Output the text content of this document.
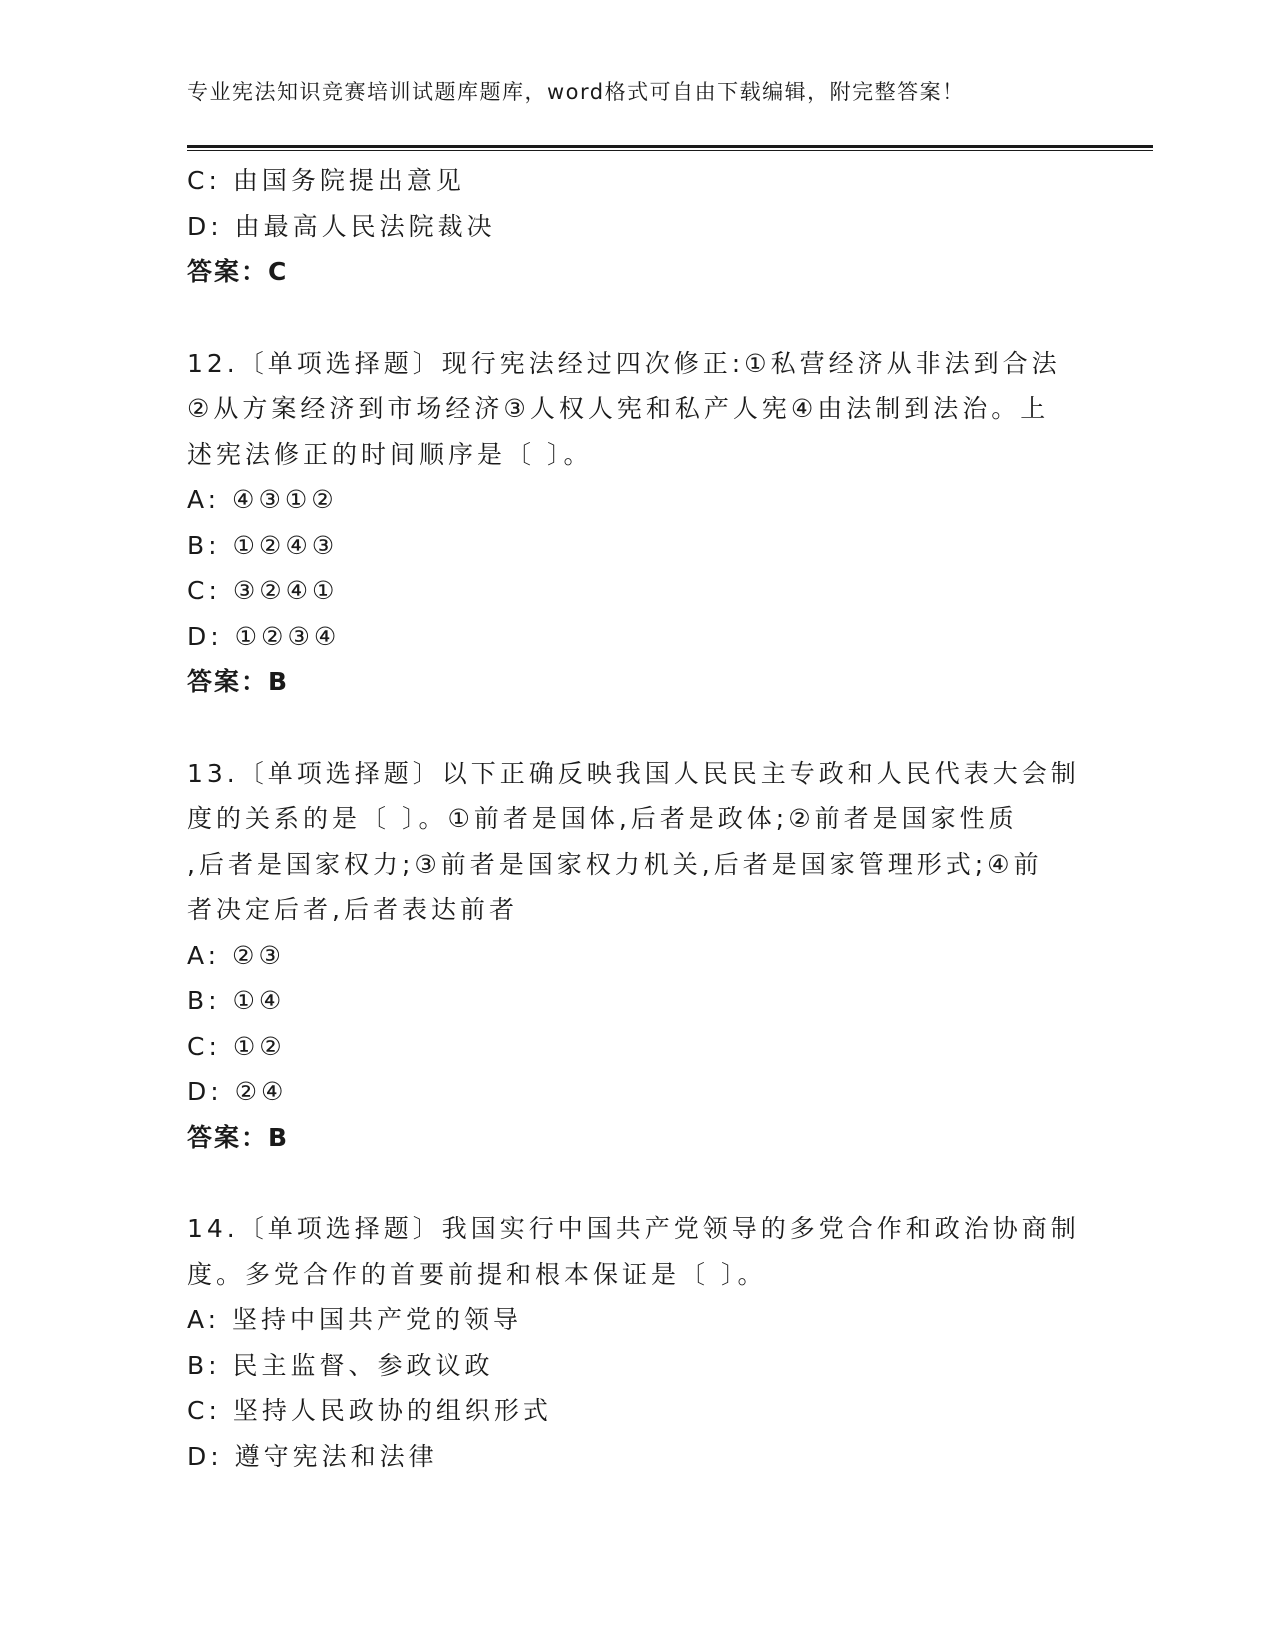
专业宪法知识竞赛培训试题库题库，word格式可自由下载编辑，附完整答案！
C: 由国务院提出意见
D: 由最高人民法院裁决
答案：C
12.〔单项选择题〕现行宪法经过四次修正:①私营经济从非法到合法
②从方案经济到市场经济③人权人宪和私产人宪④由法制到法治。上
述宪法修正的时间顺序是〔 〕。
A: ④③①②
B: ①②④③
C: ③②④①
D: ①②③④
答案：B
13.〔单项选择题〕以下正确反映我国人民民主专政和人民代表大会制
度的关系的是〔 〕。①前者是国体,后者是政体;②前者是国家性质
,后者是国家权力;③前者是国家权力机关,后者是国家管理形式;④前
者决定后者,后者表达前者
A: ②③
B: ①④
C: ①②
D: ②④
答案：B
14.〔单项选择题〕我国实行中国共产党领导的多党合作和政治协商制
度。多党合作的首要前提和根本保证是〔 〕。
A: 坚持中国共产党的领导
B: 民主监督、参政议政
C: 坚持人民政协的组织形式
D: 遵守宪法和法律
